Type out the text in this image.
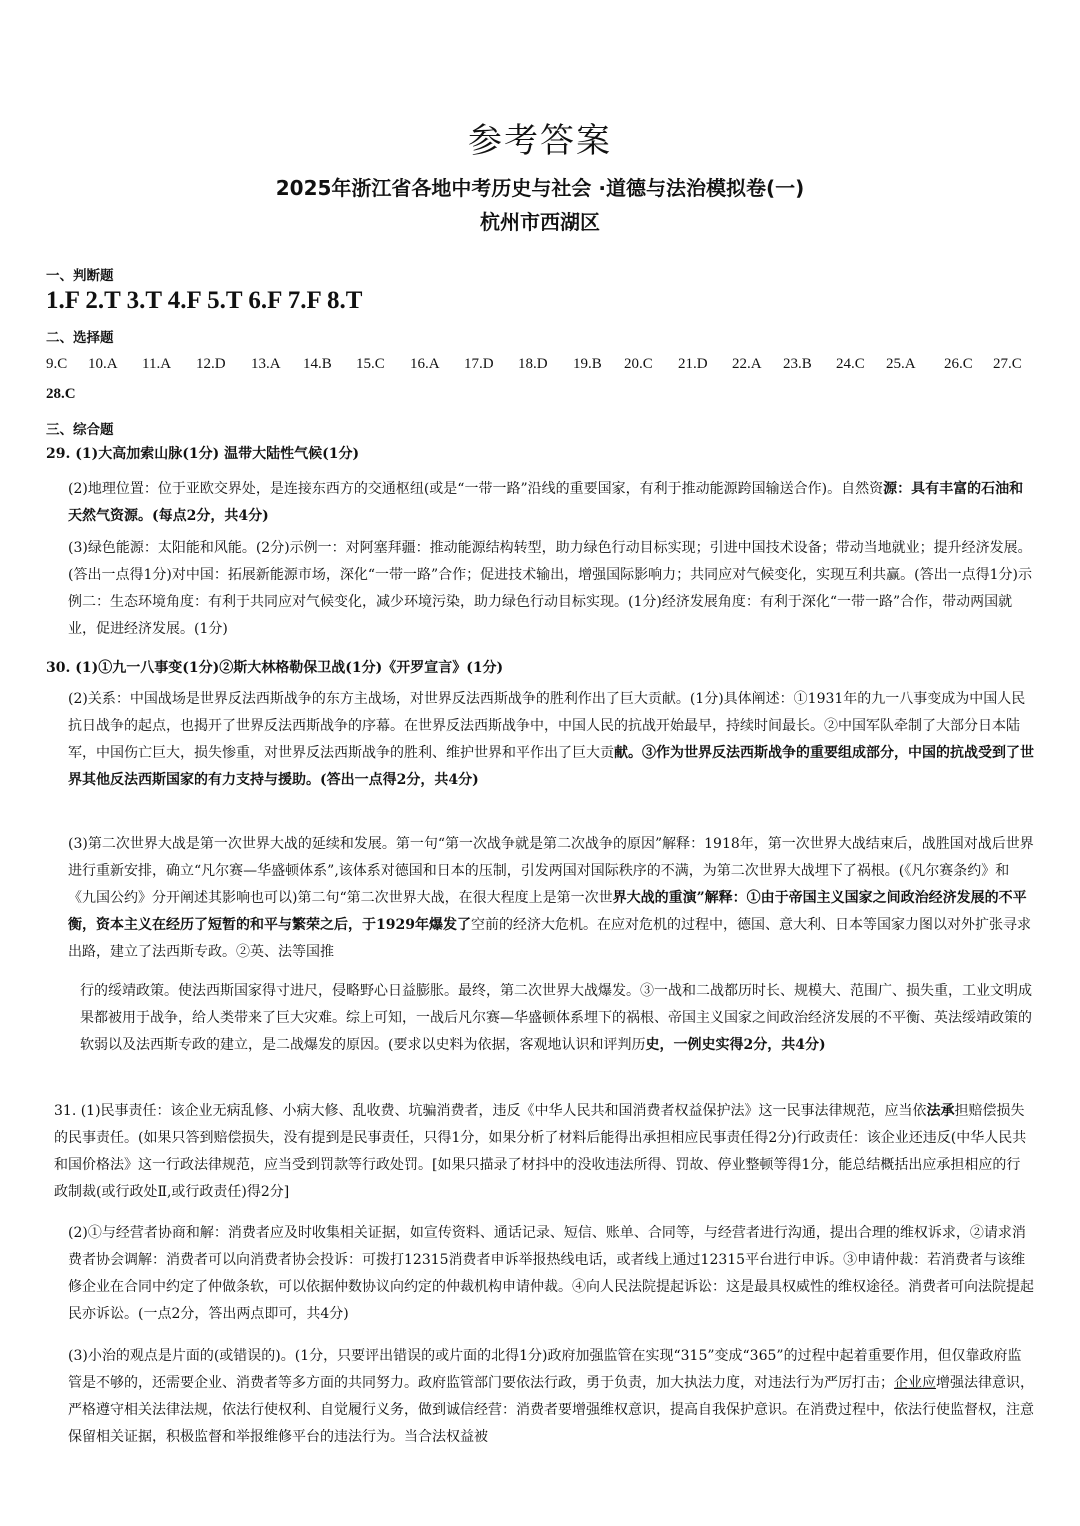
参考答案
2025年浙江省各地中考历史与社会 ·道德与法治模拟卷(一)
杭州市西湖区
一、判断题
1.F 2.T 3.T 4.F 5.T 6.F 7.F 8.T
二、选择题
9.C 10.A 11.A 12.D 13.A 14.B 15.C 16.A 17.D 18.D 19.B 20.C 21.D 22.A 23.B 24.C 25.A 26.C 27.C
28.C
三、综合题
29. (1)大高加索山脉(1分) 温带大陆性气候(1分)
(2)地理位置：位于亚欧交界处，是连接东西方的交通枢纽(或是“一带一路”沿线的重要国家，有利于推动能源跨国输送合作)。自然资源：具有丰富的石油和天然气资源。(每点2分，共4分)
(3)绿色能源：太阳能和风能。(2分)示例一：对阿塞拜疆：推动能源结构转型，助力绿色行动目标实现；引进中国技术设备；带动当地就业；提升经济发展。(答出一点得1分)对中国：拓展新能源市场，深化“一带一路”合作；促进技术输出，增强国际影响力；共同应对气候变化，实现互利共赢。(答出一点得1分)示例二：生态环境角度：有利于共同应对气候变化，减少环境污染，助力绿色行动目标实现。(1分)经济发展角度：有利于深化“一带一路”合作，带动两国就业，促进经济发展。(1分)
30. (1)①九一八事变(1分)②斯大林格勒保卫战(1分)《开罗宣言》(1分)
(2)关系：中国战场是世界反法西斯战争的东方主战场，对世界反法西斯战争的胜利作出了巨大贡献。(1分)具体阐述：①1931年的九一八事变成为中国人民抗日战争的起点，也揭开了世界反法西斯战争的序幕。在世界反法西斯战争中，中国人民的抗战开始最早，持续时间最长。②中国军队牵制了大部分日本陆军，中国伤亡巨大，损失惨重，对世界反法西斯战争的胜利、维护世界和平作出了巨大贡献。③作为世界反法西斯战争的重要组成部分，中国的抗战受到了世界其他反法西斯国家的有力支持与援助。(答出一点得2分，共4分)
(3)第二次世界大战是第一次世界大战的延续和发展。第一句“第一次战争就是第二次战争的原因”解释：1918年，第一次世界大战结束后，战胜国对战后世界进行重新安排，确立“凡尔赛—华盛顿体系”,该体系对德国和日本的压制，引发两国对国际秩序的不满，为第二次世界大战埋下了祸根。(《凡尔赛条约》和《九国公约》分开阐述其影响也可以)第二句“第二次世界大战，在很大程度上是第一次世界大战的重演”解释：①由于帝国主义国家之间政治经济发展的不平衡，资本主义在经历了短暂的和平与繁荣之后，于1929年爆发了空前的经济大危机。在应对危机的过程中，德国、意大利、日本等国家力图以对外扩张寻求出路，建立了法西斯专政。②英、法等国推
行的绥靖政策。使法西斯国家得寸进尺，侵略野心日益膨胀。最终，第二次世界大战爆发。③一战和二战都历时长、规模大、范围广、损失重，工业文明成果都被用于战争，给人类带来了巨大灾难。综上可知，一战后凡尔赛—华盛顿体系埋下的祸根、帝国主义国家之间政治经济发展的不平衡、英法绥靖政策的软弱以及法西斯专政的建立，是二战爆发的原因。(要求以史料为依据，客观地认识和评判历史，一例史实得2分，共4分)
31. (1)民事责任：该企业无病乱修、小病大修、乱收费、坑骗消费者，违反《中华人民共和国消费者权益保护法》这一民事法律规范，应当依法承担赔偿损失的民事责任。(如果只答到赔偿损失，没有提到是民事责任，只得1分，如果分析了材料后能得出承担相应民事责任得2分)行政责任：该企业还违反(中华人民共和国价格法》这一行政法律规范，应当受到罚款等行政处罚。[如果只描录了材抖中的没收违法所得、罚故、停业整顿等得1分，能总结概括出应承担相应的行政制裁(或行政处Ⅱ,或行政责任)得2分]
(2)①与经营者协商和解：消费者应及时收集相关证据，如宣传资料、通话记录、短信、账单、合同等，与经营者进行沟通，提出合理的维权诉求，②请求消费者协会调解：消费者可以向消费者协会投诉：可拨打12315消费者申诉举报热线电话，或者线上通过12315平台进行申诉。③申请仲裁：若消费者与该维修企业在合同中约定了仲做条软，可以依据仲数协议向约定的仲裁机构申请仲裁。④向人民法院提起诉讼：这是最具权威性的维权途径。消费者可向法院提起民亦诉讼。(一点2分，答出两点即可，共4分)
(3)小治的观点是片面的(或错误的)。(1分，只要评出错误的或片面的北得1分)政府加强监管在实现“315”变成“365”的过程中起着重要作用，但仅靠政府监管是不够的，还需要企业、消费者等多方面的共同努力。政府监管部门要依法行政，勇于负责，加大执法力度，对违法行为严厉打击；企业应增强法律意识，严格遵守相关法律法规，依法行使权利、自觉履行义务，做到诚信经营：消费者要增强维权意识，提高自我保护意识。在消费过程中，依法行使监督权，注意保留相关证据，积极监督和举报维修平台的违法行为。当合法权益被
